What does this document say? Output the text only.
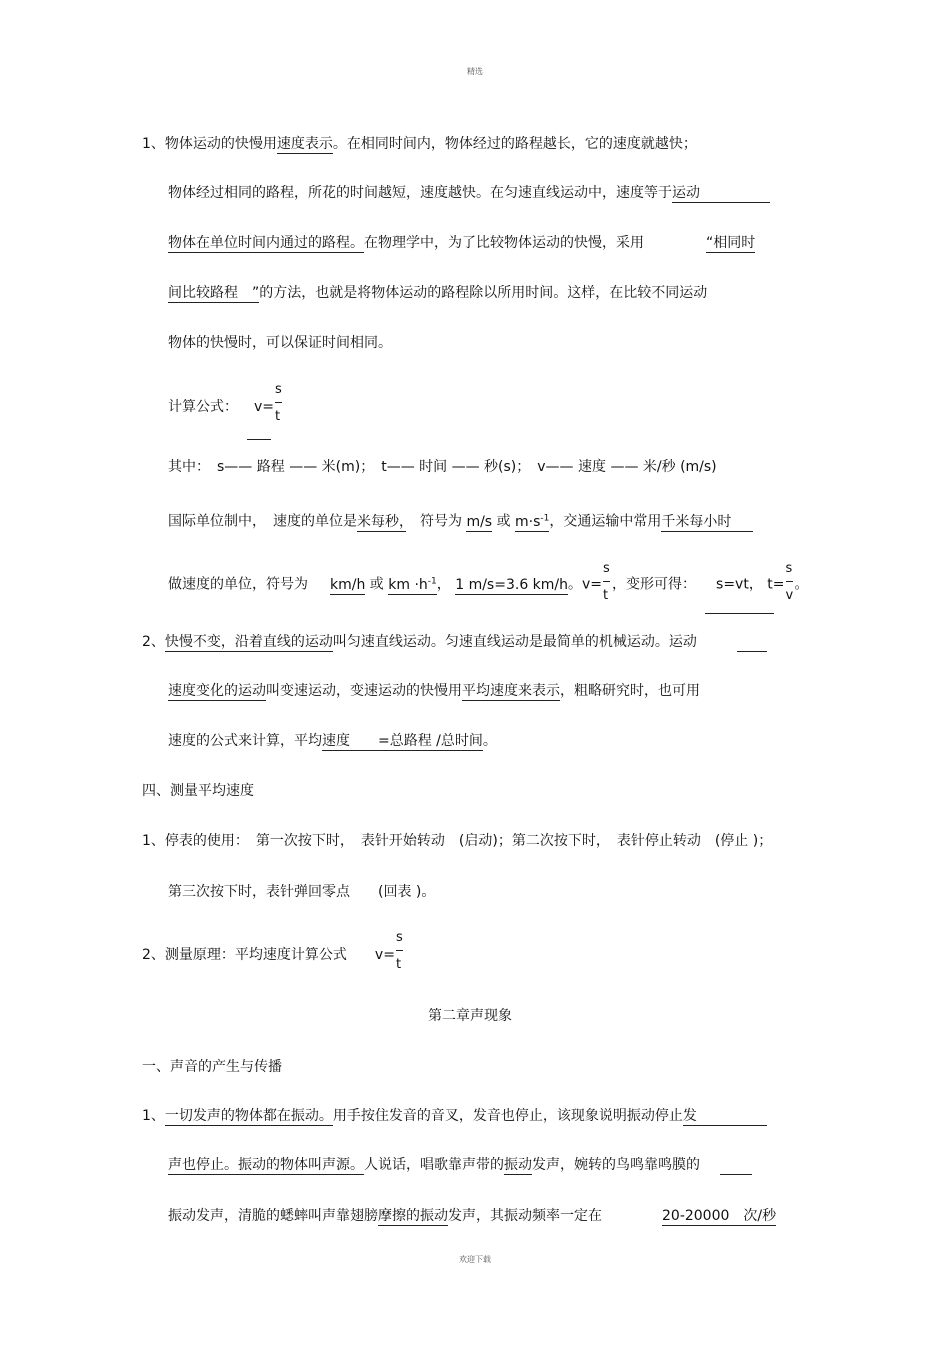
精选
1、物体运动的快慢用速度表示。在相同时间内，物体经过的路程越长，它的速度就越快；
物体经过相同的路程，所花的时间越短，速度越快。在匀速直线运动中，速度等于运动
物体在单位时间内通过的路程。在物理学中，为了比较物体运动的快慢，采用	“相同时
间比较路程　”的方法，也就是将物体运动的路程除以所用时间。这样，在比较不同运动
物体的快慢时，可以保证时间相同。
计算公式： $v= \frac{s}{t}$
其中：　s—— 路程 —— 米(m)；　t—— 时间 —— 秒(s)；　v—— 速度 —— 米/秒 (m/s)
国际单位制中，　速度的单位是米每秒，　符号为 m/s 或 $m\cdot s^{-1}$，交通运输中常用千米每小时
做速度的单位，符号为 km/h 或 km $\cdot h^{-1}$， 1 m/s=3.6 km/h。$v= \frac{s}{t}$ ，变形可得： s=vt， $t= \frac{s}{v}$ 。
2、快慢不变，沿着直线的运动叫匀速直线运动。匀速直线运动是最简单的机械运动。运动
速度变化的运动叫变速运动，变速运动的快慢用平均速度来表示，粗略研究时，也可用
速度的公式来计算，平均速度　　=总路程 /总时间。
四、测量平均速度
1、停表的使用：　第一次按下时，　表针开始转动　(启动)；第二次按下时，　表针停止转动　(停止 )；
第三次按下时，表针弹回零点　　(回表 )。
2、测量原理：平均速度计算公式 $v= \frac{s}{t}$
第二章声现象
一、声音的产生与传播
1、一切发声的物体都在振动。用手按住发音的音叉，发音也停止，该现象说明振动停止发
声也停止。振动的物体叫声源。人说话，唱歌靠声带的振动发声，婉转的鸟鸣靠鸣膜的
振动发声，清脆的蟋蟀叫声靠翅膀摩擦的振动发声，其振动频率一定在	20-20000　次/秒
欢迎下载
